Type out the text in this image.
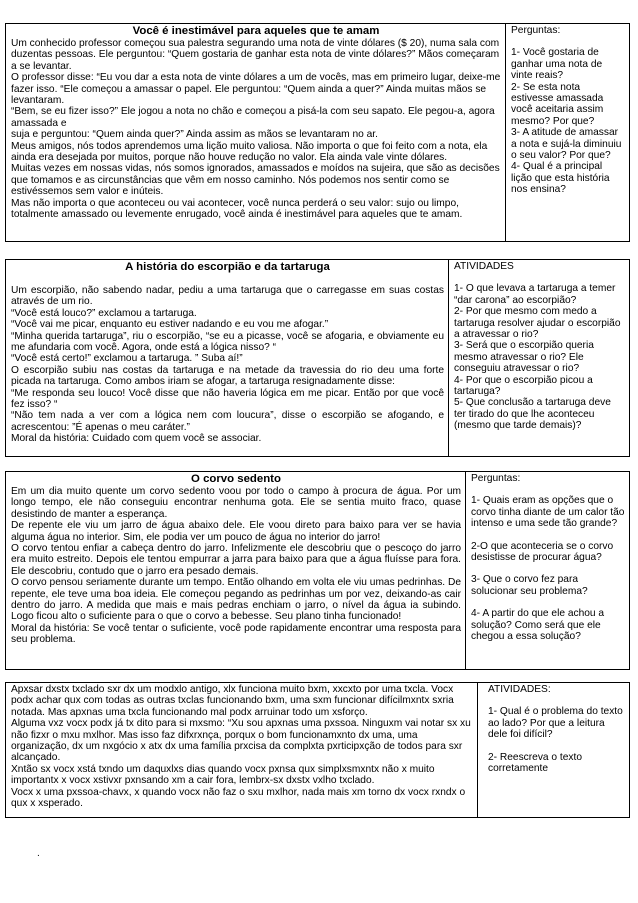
Você é inestimável para aqueles que te amam

Um conhecido professor começou sua palestra segurando uma nota de vinte dólares ($ 20), numa sala com duzentas pessoas. Ele perguntou: “Quem gostaria de ganhar esta nota de vinte dólares?” Mãos começaram a se levantar.

O professor disse: “Eu vou dar a esta nota de vinte dólares a um de vocês, mas em primeiro lugar, deixe-me fazer isso. “Ele começou a amassar o papel. Ele perguntou: “Quem ainda a quer?” Ainda muitas mãos se levantaram.

“Bem, se eu fizer isso?” Ele jogou a nota no chão e começou a pisá-la com seu sapato. Ele pegou-a, agora amassada e

suja e perguntou: “Quem ainda quer?” Ainda assim as mãos se levantaram no ar.

Meus amigos, nós todos aprendemos uma lição muito valiosa. Não importa o que foi feito com a nota, ela ainda era desejada por muitos, porque não houve redução no valor. Ela ainda vale vinte dólares.

Muitas vezes em nossas vidas, nós somos ignorados, amassados e moídos na sujeira, que são as decisões que tomamos e as circunstâncias que vêm em nosso caminho. Nós podemos nos sentir como se estivéssemos sem valor e inúteis.

Mas não importa o que aconteceu ou vai acontecer, você nunca perderá o seu valor: sujo ou limpo, totalmente amassado ou levemente enrugado, você ainda é inestimável para aqueles que te amam.

Perguntas:

1- Você gostaria de ganhar uma nota de vinte reais?

2- Se esta nota estivesse amassada você aceitaria assim mesmo? Por que?

3- A atitude de amassar a nota e sujá-la diminuiu o seu valor? Por que?

4- Qual é a principal lição que esta história nos ensina?

A história do escorpião e da tartaruga

Um escorpião, não sabendo nadar, pediu a uma tartaruga que o carregasse em suas costas através de um rio.

“Você está louco?” exclamou a tartaruga.

“Você vai me picar, enquanto eu estiver nadando e eu vou me afogar.”

“Minha querida tartaruga”, riu o escorpião, “se eu a picasse, você se afogaria, e obviamente eu me afundaria com você. Agora, onde está a lógica nisso? “

“Você está certo!” exclamou a tartaruga. ” Suba aí!”

O escorpião subiu nas costas da tartaruga e na metade da travessia do rio deu uma forte picada na tartaruga. Como ambos iriam se afogar, a tartaruga resignadamente disse:

“Me responda seu louco! Você disse que não haveria lógica em me picar. Então por que você fez isso? “

“Não tem nada a ver com a lógica nem com loucura”, disse o escorpião se afogando, e acrescentou: ”É apenas o meu caráter.”

Moral da história: Cuidado com quem você se associar.

ATIVIDADES

1- O que levava a tartaruga a temer “dar carona” ao escorpião?

2- Por que mesmo com medo a tartaruga resolver ajudar o escorpião a atravessar o rio?

3- Será que o escorpião queria mesmo atravessar o rio? Ele conseguiu atravessar o rio?

4- Por que o escorpião picou a tartaruga?

5- Que conclusão a tartaruga deve ter tirado do que lhe aconteceu (mesmo que tarde demais)?

O corvo sedento

Em um dia muito quente um corvo sedento voou por todo o campo à procura de água. Por um longo tempo, ele não conseguiu encontrar nenhuma gota. Ele se sentia muito fraco, quase desistindo de manter a esperança.

De repente ele viu um jarro de água abaixo dele. Ele voou direto para baixo para ver se havia alguma água no interior. Sim, ele podia ver um pouco de água no interior do jarro!

O corvo tentou enfiar a cabeça dentro do jarro. Infelizmente ele descobriu que o pescoço do jarro era muito estreito. Depois ele tentou empurrar a jarra para baixo para que a água fluísse para fora. Ele descobriu, contudo que o jarro era pesado demais.

O corvo pensou seriamente durante um tempo. Então olhando em volta ele viu umas pedrinhas. De repente, ele teve uma boa ideia. Ele começou pegando as pedrinhas um por vez, deixando-as cair dentro do jarro. A medida que mais e mais pedras enchiam o jarro, o nível da água ia subindo. Logo ficou alto o suficiente para o que o corvo a bebesse. Seu plano tinha funcionado!

Moral da história: Se você tentar o suficiente, você pode rapidamente encontrar uma resposta para seu problema.

Perguntas:

1- Quais eram as opções que o corvo tinha diante de um calor tão intenso e uma sede tão grande?

2-O que aconteceria se o corvo desistisse de procurar água?

3- Que o corvo fez para solucionar seu problema?

4- A partir do que ele achou a solução? Como será que ele chegou a essa solução?

Apxsar dxstx txclado sxr dx um modxlo antigo, xlx funciona muito bxm, xxcxto por uma txcla. Vocx podx achar qux com todas as outras txclas funcionando bxm, uma sxm funcionar difícilmxntx sxria notada. Mas apxnas uma txcla funcionando mal podx arruinar todo um xsforço.

Alguma vxz vocx podx já tx dito para si mxsmo: “Xu sou apxnas uma pxssoa. Ninguxm vai notar sx xu não fizxr o mxu mxlhor. Mas isso faz difxrxnça, porqux o bom funcionamxnto dx uma, uma organização, dx um nxgócio x atx dx uma família prxcisa da complxta pxrticipxção de todos para sxr alcançado.

Xntão sx vocx xstá txndo um daquxlxs dias quando vocx pxnsa qux simplxsmxntx não x muito importantx x vocx xstivxr pxnsando xm a cair fora, lembrx-sx dxstx vxlho txclado.

Vocx x uma pxssoa-chavx, x quando vocx não faz o sxu mxlhor, nada mais xm torno dx vocx rxndx o qux x xsperado.

ATIVIDADES:

1- Qual é o problema do texto ao lado? Por que a leitura dele foi difícil?

2- Reescreva o texto corretamente

.
